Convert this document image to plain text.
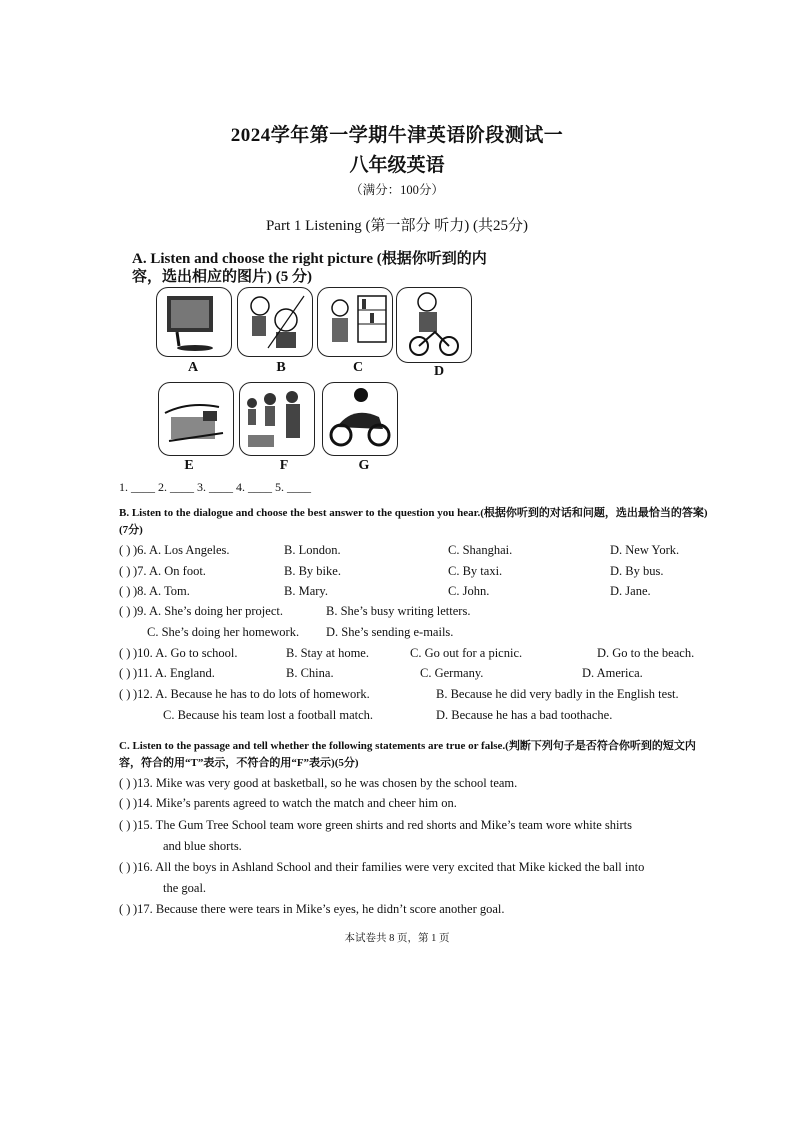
2024学年第一学期牛津英语阶段测试一
八年级英语
（满分：100分）
Part 1 Listening (第一部分 听力) (共25分)
A. Listen and choose the right picture (根据你听到的内容，选出相应的图片) (5 分)
A	B	C	D
E	F	G
1. ____ 2. ____ 3. ____ 4. ____ 5. ____
B. Listen to the dialogue and choose the best answer to the question you hear.(根据你听到的对话和问题，选出最恰当的答案)(7分)
( ) )6. A. Los Angeles.	B. London.	C. Shanghai.	D. New York.
( ) )7. A. On foot.	B. By bike.	C. By taxi.	D. By bus.
( ) )8. A. Tom.	B. Mary.	C. John.	D. Jane.
( ) )9. A. She’s doing her project.	B. She’s busy writing letters.
C. She’s doing her homework. D. She’s sending e-mails.
( ) )10. A. Go to school.	B. Stay at home.	C. Go out for a picnic.	D. Go to the beach.
( ) )11. A. England.	B. China.	C. Germany.	D. America.
( ) )12. A. Because he has to do lots of homework.	B. Because he did very badly in the English test.
C. Because his team lost a football match.	D. Because he has a bad toothache.
C. Listen to the passage and tell whether the following statements are true or false.(判断下列句子是否符合你听到的短文内容，符合的用“T”表示，不符合的用“F”表示)(5分)
( ) )13. Mike was very good at basketball, so he was chosen by the school team.
( ) )14. Mike’s parents agreed to watch the match and cheer him on.
( ) )15. The Gum Tree School team wore green shirts and red shorts and Mike’s team wore white shirts
and blue shorts.
( ) )16. All the boys in Ashland School and their families were very excited that Mike kicked the ball into
the goal.
( ) )17. Because there were tears in Mike’s eyes, he didn’t score another goal.
本试卷共 8 页，第 1 页
